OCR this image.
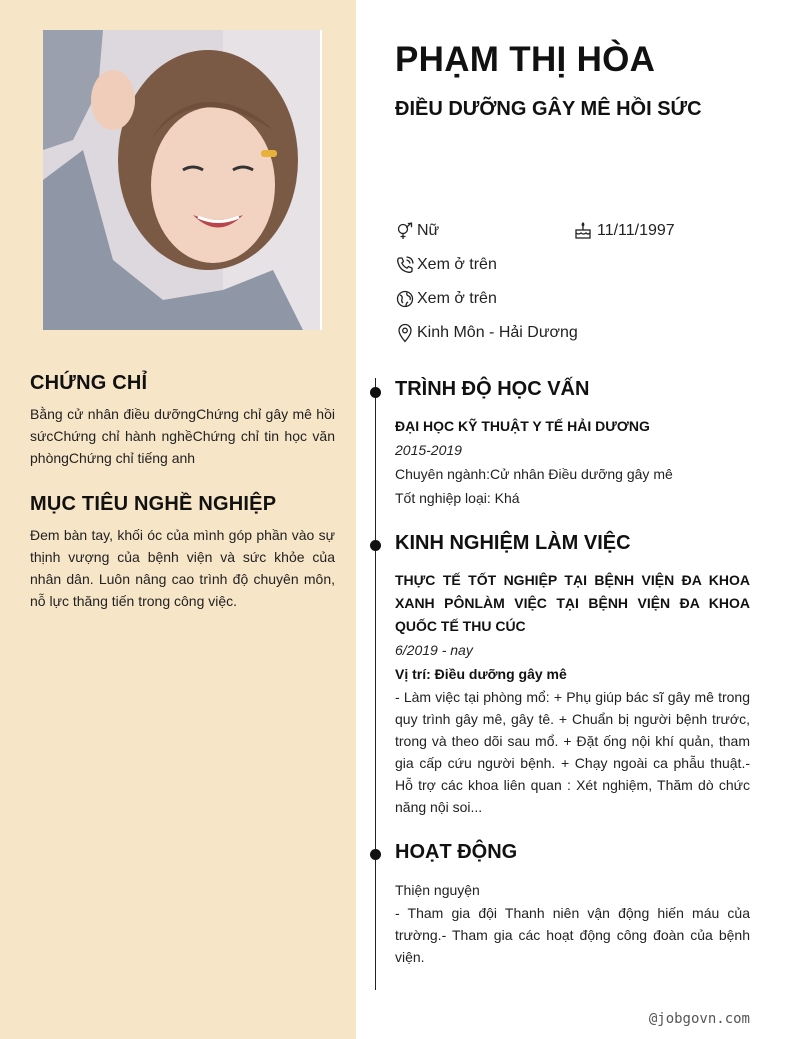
CHỨNG CHỈ

Bằng cử nhân điều dưỡngChứng chỉ gây mê hồi sứcChứng chỉ hành nghềChứng chỉ tin học văn phòngChứng chỉ tiếng anh

MỤC TIÊU NGHỀ NGHIỆP

Đem bàn tay, khối óc của mình góp phần vào sự thịnh vượng của bệnh viện và sức khỏe của nhân dân. Luôn nâng cao trình độ chuyên môn, nỗ lực thăng tiến trong công việc.

PHẠM THỊ HÒA
ĐIỀU DƯỠNG GÂY MÊ HỒI SỨC
Nữ	11/11/1997
Xem ở trên
Xem ở trên
Kinh Môn - Hải Dương
TRÌNH ĐỘ HỌC VẤN
ĐẠI HỌC KỸ THUẬT Y TẾ HẢI DƯƠNG
2015-2019
Chuyên ngành:Cử nhân Điều dưỡng gây mê
Tốt nghiệp loại: Khá
KINH NGHIỆM LÀM VIỆC
THỰC TẾ TỐT NGHIỆP TẠI BỆNH VIỆN ĐA KHOA XANH PÔNLÀM VIỆC TẠI BỆNH VIỆN ĐA KHOA QUỐC TẾ THU CÚC
6/2019 - nay
Vị trí: Điều dưỡng gây mê
- Làm việc tại phòng mổ: + Phụ giúp bác sĩ gây mê trong quy trình gây mê, gây tê. + Chuẩn bị người bệnh trước, trong và theo dõi sau mổ. + Đặt ống nội khí quản, tham gia cấp cứu người bệnh. + Chạy ngoài ca phẫu thuật.- Hỗ trợ các khoa liên quan : Xét nghiệm, Thăm dò chức năng nội soi...
HOẠT ĐỘNG
Thiện nguyện
- Tham gia đội Thanh niên vận động hiến máu của trường.- Tham gia các hoạt động công đoàn của bệnh viện.
@jobgovn.com
